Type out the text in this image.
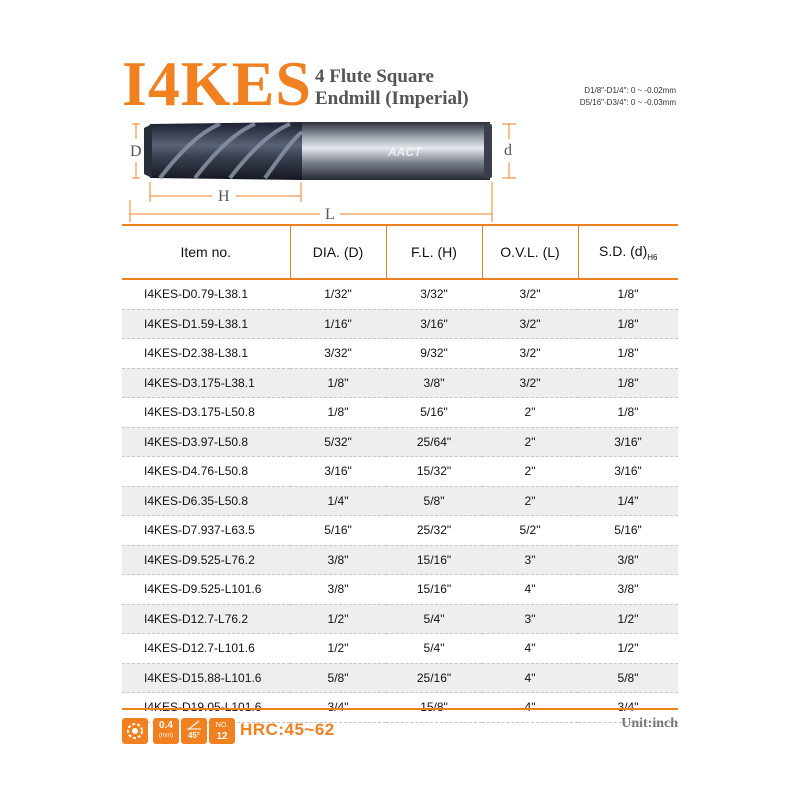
I4KES 4 Flute Square
Endmill (Imperial)	D1/8"-D1/4": 0 ~ -0.02mm
D5/16"-D3/4": 0 ~ -0.03mm
AACT
D	d
H
L
Item no.	DIA. (D)	F.L. (H)	O.V.L. (L)	S.D. $(d)_{H6}$
I4KES-D0.79-L38.1	1/32"	3/32"	3/2"	1/8"
I4KES-D1.59-L38.1	1/16"	3/16"	3/2"	1/8"
I4KES-D2.38-L38.1	3/32"	9/32"	3/2"	1/8"
I4KES-D3.175-L38.1	1/8"	3/8"	3/2"	1/8"
I4KES-D3.175-L50.8	1/8"	5/16"	2"	1/8"
I4KES-D3.97-L50.8	5/32"	25/64"	2"	3/16"
I4KES-D4.76-L50.8	3/16"	15/32"	2"	3/16"
I4KES-D6.35-L50.8	1/4"	5/8"	2"	1/4"
I4KES-D7.937-L63.5	5/16"	25/32"	5/2"	5/16"
I4KES-D9.525-L76.2	3/8"	15/16"	3"	3/8"
I4KES-D9.525-L101.6	3/8"	15/16"	4"	3/8"
I4KES-D12.7-L76.2	1/2"	5/4"	3"	1/2"
I4KES-D12.7-L101.6	1/2"	5/4"	4"	1/2"
I4KES-D15.88-L101.6	5/8"	25/16"	4"	5/8"
I4KES-D19.05-L101.6	3/4"	15/8"	4"	3/4"
0.4
(mm)	45°
NO.
12 HRC:45~62	Unit:inch
